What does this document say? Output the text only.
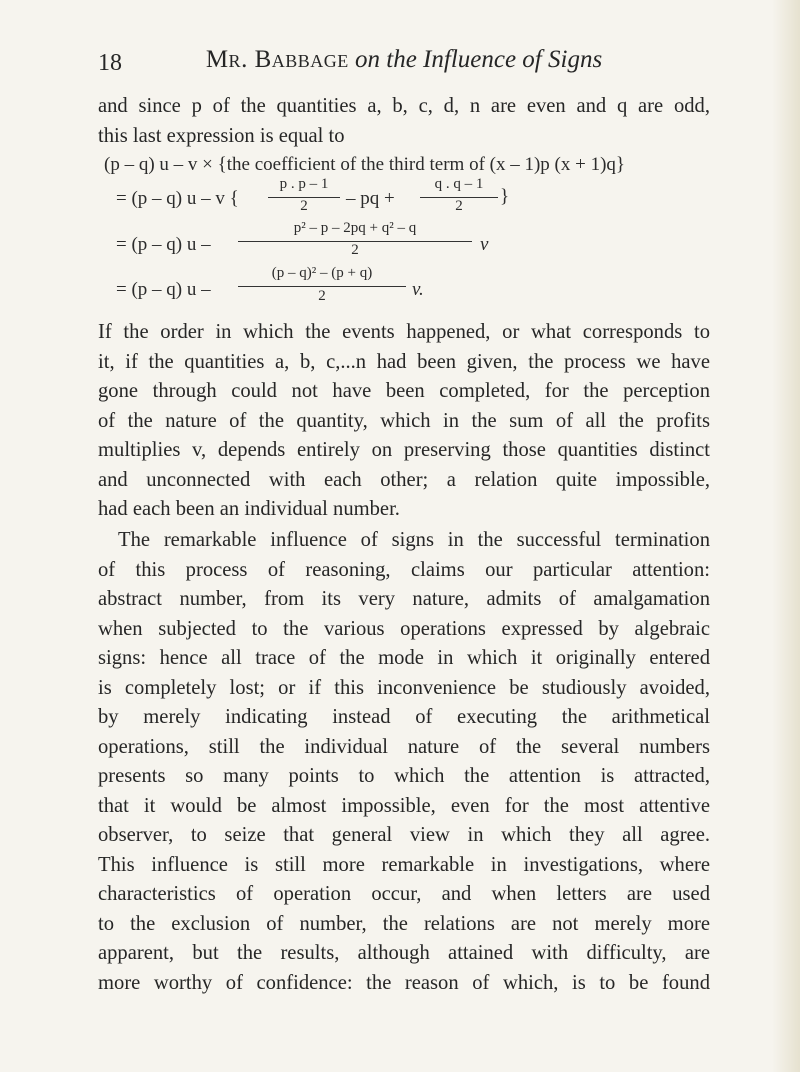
18	Mr. Babbage on the Influence of Signs
and since p of the quantities a, b, c, d, n are even and q are odd,
this last expression is equal to
(p – q) u – v × {the coefficient of the third term of (x – 1)p (x + 1)q}
= (p – q) u – v {
p . p – 1
2	– pq +
q . q – 1
2	}
= (p – q) u –
p² – p – 2pq + q² – q
2	v
= (p – q) u –
(p – q)² – (p + q)
2	v.
If the order in which the events happened, or what corresponds to
it, if the quantities a, b, c,...n had been given, the process we have
gone through could not have been completed, for the perception
of the nature of the quantity, which in the sum of all the profits
multiplies v, depends entirely on preserving those quantities distinct
and unconnected with each other; a relation quite impossible,
had each been an individual number.
The remarkable influence of signs in the successful termination
of this process of reasoning, claims our particular attention:
abstract number, from its very nature, admits of amalgamation
when subjected to the various operations expressed by algebraic
signs: hence all trace of the mode in which it originally entered
is completely lost; or if this inconvenience be studiously avoided,
by merely indicating instead of executing the arithmetical
operations, still the individual nature of the several numbers
presents so many points to which the attention is attracted,
that it would be almost impossible, even for the most attentive
observer, to seize that general view in which they all agree.
This influence is still more remarkable in investigations, where
characteristics of operation occur, and when letters are used
to the exclusion of number, the relations are not merely more
apparent, but the results, although attained with difficulty, are
more worthy of confidence: the reason of which, is to be found
